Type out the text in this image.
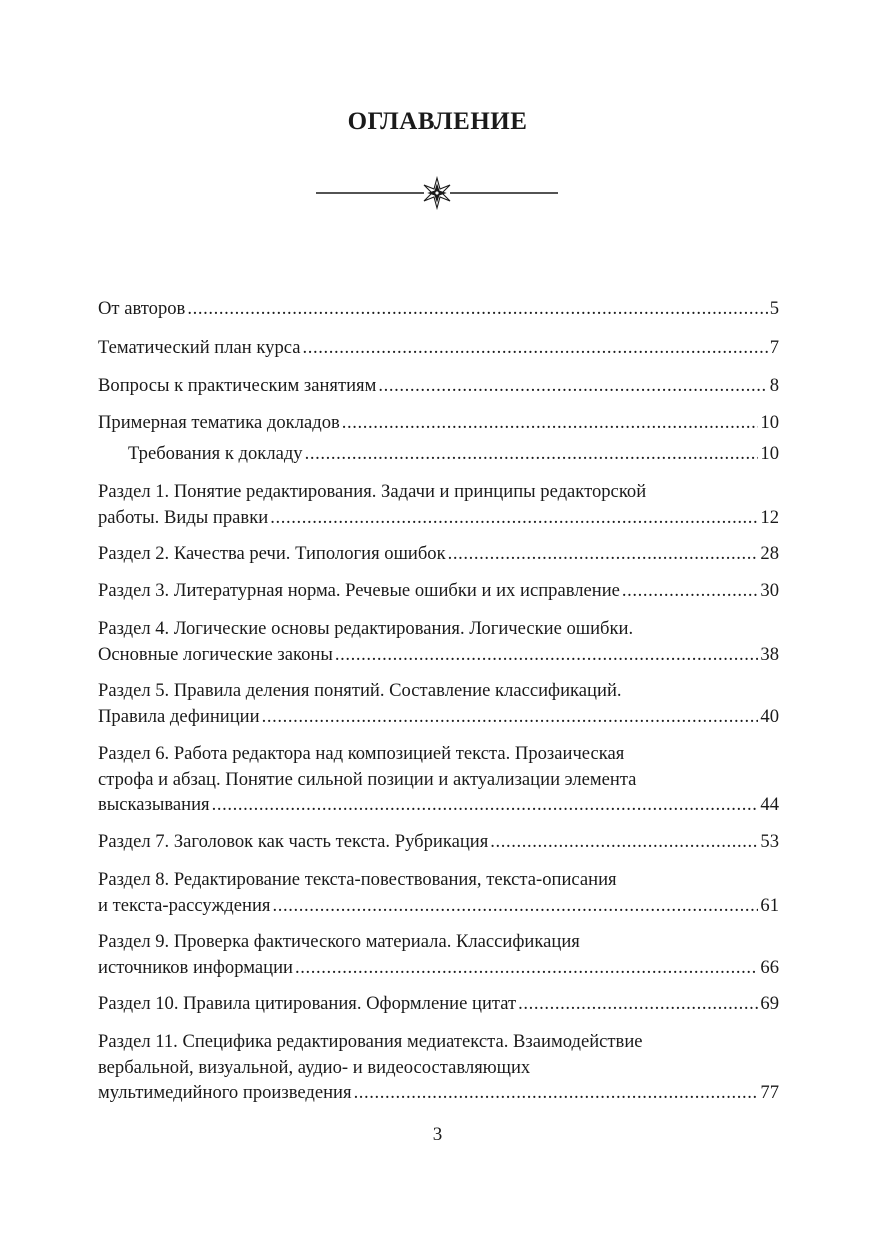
ОГЛАВЛЕНИЕ
От авторов .....	5
Тематический план курса .....	7
Вопросы к практическим занятиям .....	8
Примерная тематика докладов .....	10
Требования к докладу .....	10
Раздел 1. Понятие редактирования. Задачи и принципы редакторской
работы. Виды правки .....	12
Раздел 2. Качества речи. Типология ошибок .....	28
Раздел 3. Литературная норма. Речевые ошибки и их исправление .....	30
Раздел 4. Логические основы редактирования. Логические ошибки.
Основные логические законы .....	38
Раздел 5. Правила деления понятий. Составление классификаций.
Правила дефиниции .....	40
Раздел 6. Работа редактора над композицией текста. Прозаическая
строфа и абзац. Понятие сильной позиции и актуализации элемента
высказывания .....	44
Раздел 7. Заголовок как часть текста. Рубрикация .....	53
Раздел 8. Редактирование текста-повествования, текста-описания
и текста-рассуждения .....	61
Раздел 9. Проверка фактического материала. Классификация
источников информации .....	66
Раздел 10. Правила цитирования. Оформление цитат .....	69
Раздел 11. Специфика редактирования медиатекста. Взаимодействие
вербальной, визуальной, аудио- и видеосоставляющих
мультимедийного произведения .....	77
3
